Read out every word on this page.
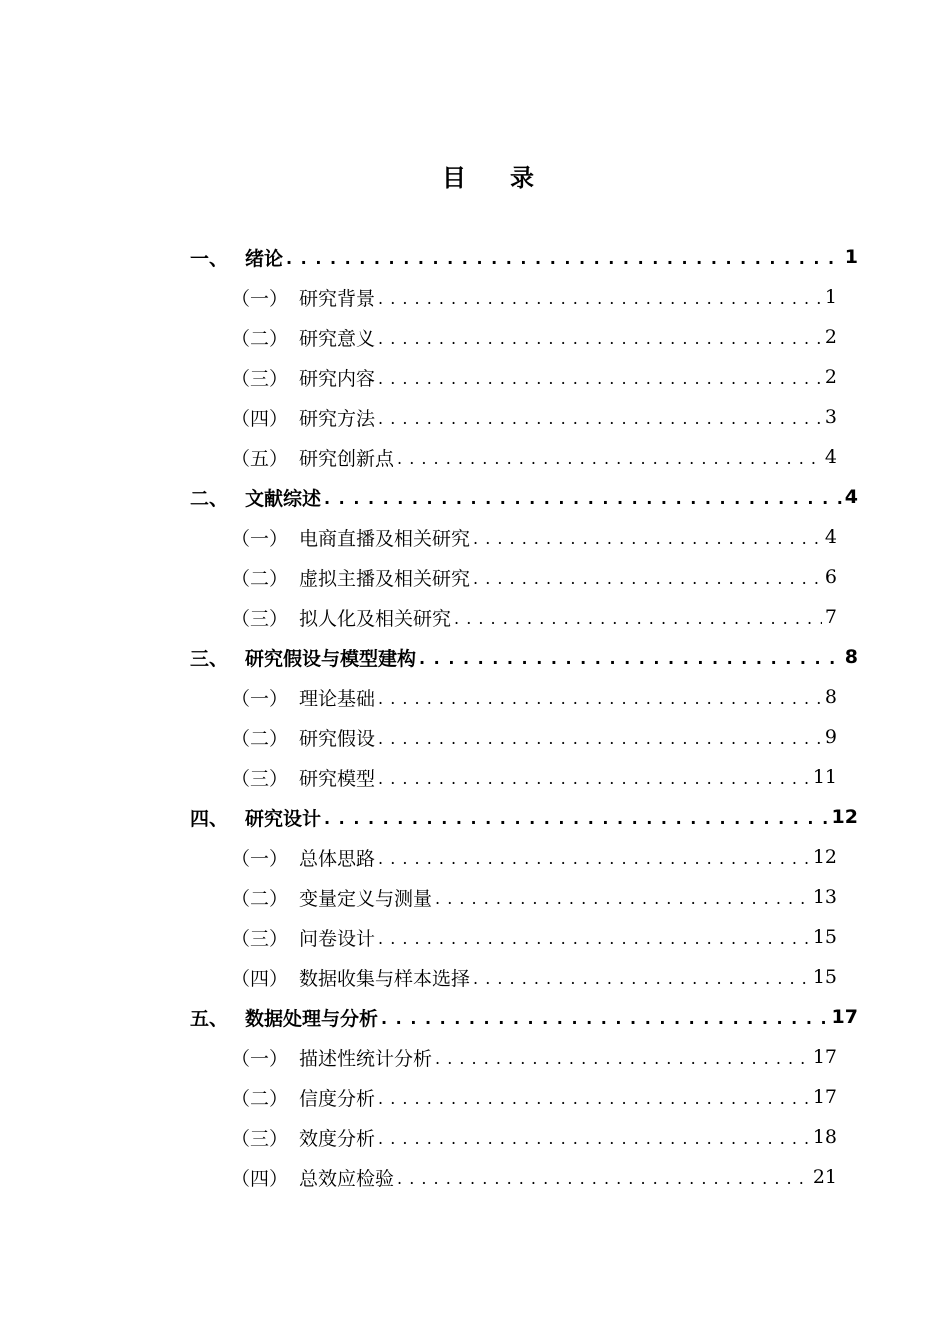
目录
一、 绪论 . . .	1
（一） 研究背景 . . .	1
（二） 研究意义 . . .	2
（三） 研究内容 . . .	2
（四） 研究方法 . . .	3
（五） 研究创新点 . . .	4
二、 文献综述 . . .	4
（一） 电商直播及相关研究 . . .	4
（二） 虚拟主播及相关研究 . . .	6
（三） 拟人化及相关研究 . . .	7
三、 研究假设与模型建构 . . .	8
（一） 理论基础 . . .	8
（二） 研究假设 . . .	9
（三） 研究模型 . . .	11
四、 研究设计 . . .	12
（一） 总体思路 . . .	12
（二） 变量定义与测量 . . .	13
（三） 问卷设计 . . .	15
（四） 数据收集与样本选择 . . .	15
五、 数据处理与分析 . . .	17
（一） 描述性统计分析 . . .	17
（二） 信度分析 . . .	17
（三） 效度分析 . . .	18
（四） 总效应检验 . . .	21
